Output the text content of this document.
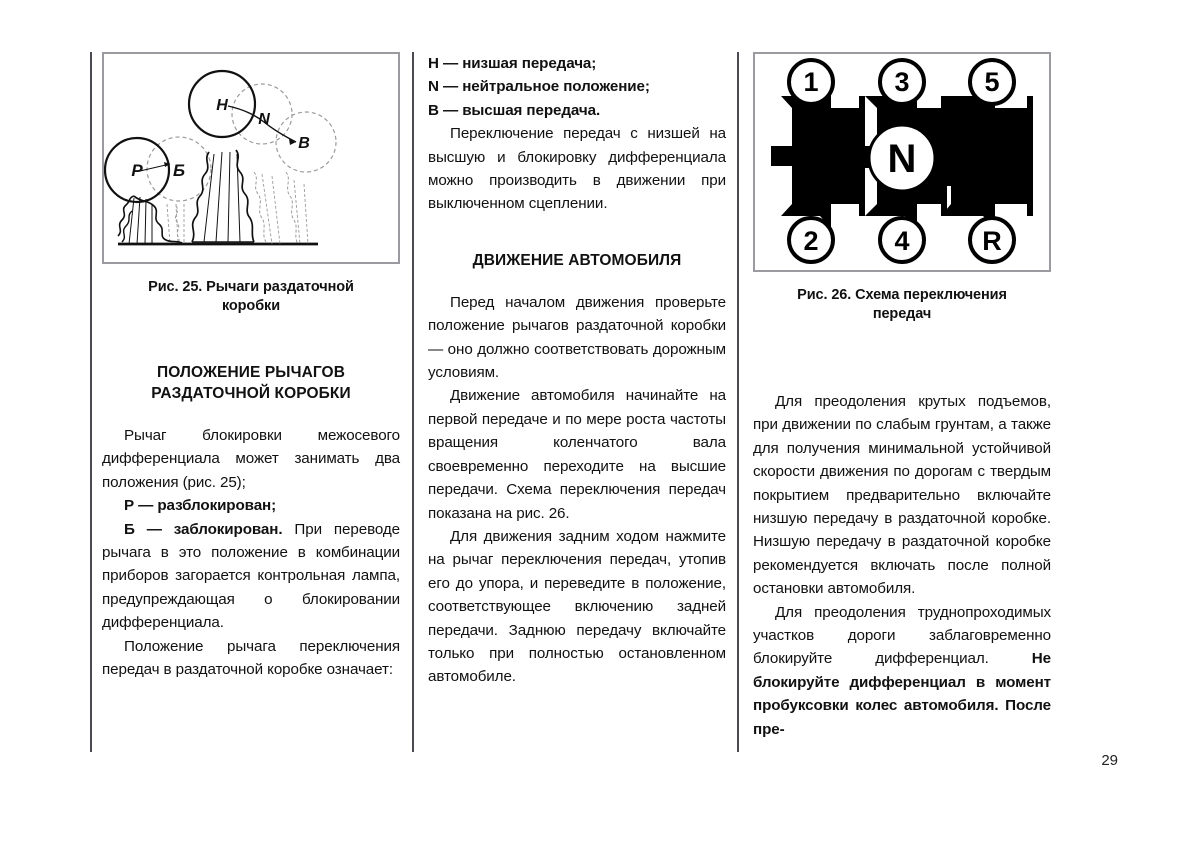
Р Б
Н
N
В
Рис. 25. Рычаги раздаточной
коробки
ПОЛОЖЕНИЕ РЫЧАГОВ
РАЗДАТОЧНОЙ КОРОБКИ

Рычаг блокировки межосевого дифференциала может занимать два положения (рис. 25);

Р — разблокирован;

Б — заблокирован. При переводе рычага в это положение в комбинации приборов загорается контрольная лампа, предупреждающая о блокировании дифференциала.

Положение рычага переключения передач в раздаточной коробке означает:

Н — низшая передача;

N — нейтральное положение;

В — высшая передача.

Переключение передач с низшей на высшую и блокировку дифференциала можно производить в движении при выключенном сцеплении.

ДВИЖЕНИЕ АВТОМОБИЛЯ

Перед началом движения проверьте положение рычагов раздаточной коробки — оно должно соответствовать дорожным условиям.

Движение автомобиля начинайте на первой передаче и по мере роста частоты вращения коленчатого вала своевременно переходите на высшие передачи. Схема переключения передач показана на рис. 26.

Для движения задним ходом нажмите на рычаг переключения передач, утопив его до упора, и переведите в положение, соответствующее включению задней передачи. Заднюю передачу включайте только при полностью остановленном автомобиле.

1	3	5
2	4	R
N
Рис. 26. Схема переключения
передач

Для преодоления крутых подъемов, при движении по слабым грунтам, а также для получения минимальной устойчивой скорости движения по дорогам с твердым покрытием предварительно включайте низшую передачу в раздаточной коробке. Низшую передачу в раздаточной коробке рекомендуется включать после полной остановки автомобиля.

Для преодоления труднопроходимых участков дороги заблаговременно блокируйте дифференциал. Не блокируйте дифференциал в момент пробуксовки колес автомобиля. После пре-

29
